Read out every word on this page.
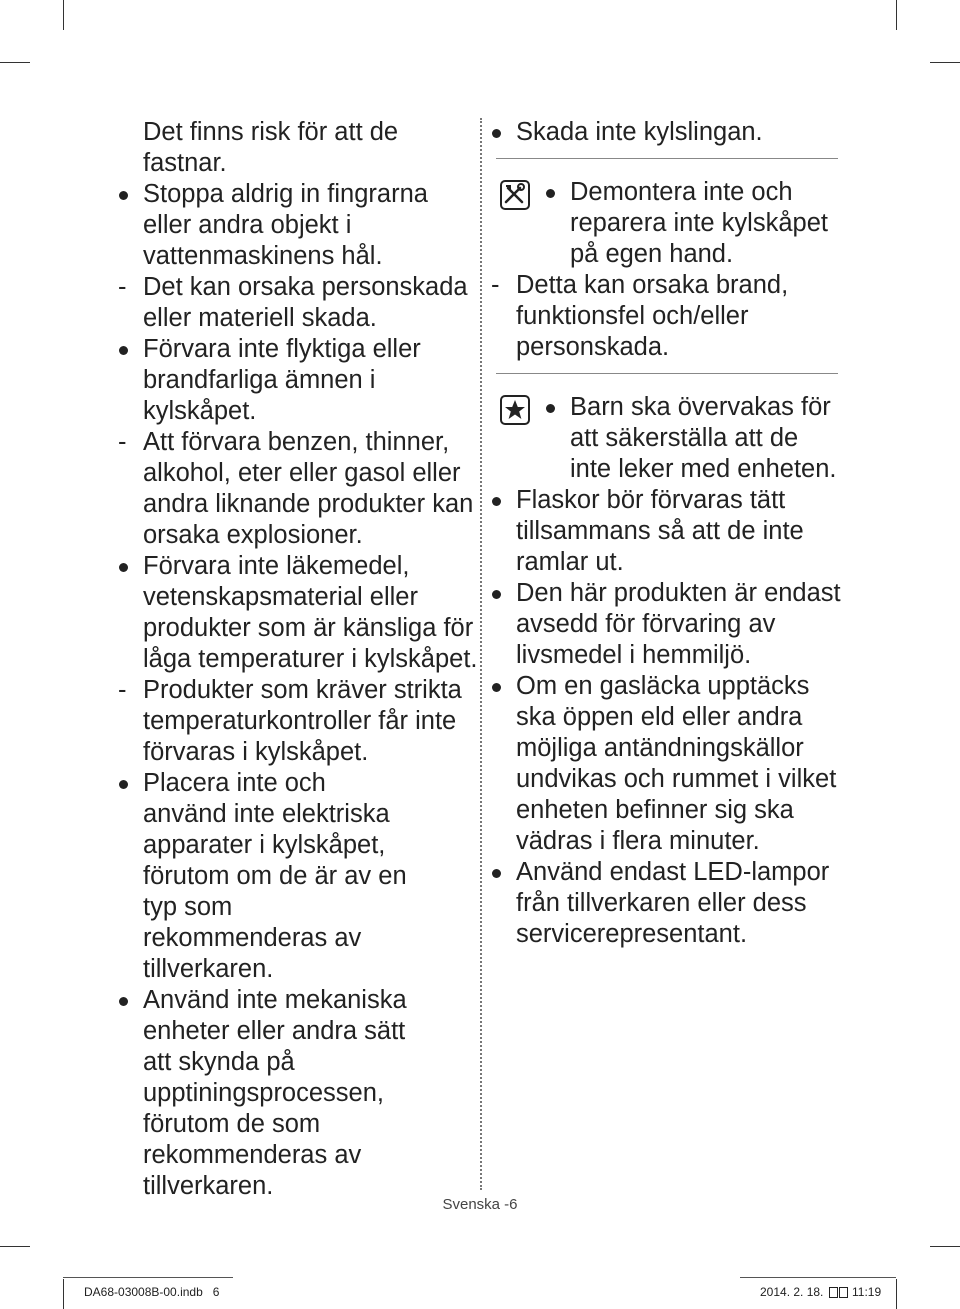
Det finns risk för att de fastnar.
Stoppa aldrig in fingrarna eller andra objekt i vattenmaskinens hål.
- Det kan orsaka personskada eller materiell skada.
Förvara inte flyktiga eller brandfarliga ämnen i kylskåpet.
- Att förvara benzen, thinner, alkohol, eter eller gasol eller andra liknande produkter kan orsaka explosioner.
Förvara inte läkemedel, vetenskapsmaterial eller produkter som är känsliga för låga temperaturer i kylskåpet.
- Produkter som kräver strikta temperaturkontroller får inte förvaras i kylskåpet.
Placera inte och använd inte elektriska apparater i kylskåpet, förutom om de är av en typ som rekommenderas av tillverkaren.
Använd inte mekaniska enheter eller andra sätt att skynda på upptiningsprocessen, förutom de som rekommenderas av tillverkaren.
Skada inte kylslingan.
Demontera inte och reparera inte kylskåpet på egen hand.
- Detta kan orsaka brand, funktionsfel och/eller personskada.
Barn ska övervakas för att säkerställa att de inte leker med enheten.
Flaskor bör förvaras tätt tillsammans så att de inte ramlar ut.
Den här produkten är endast avsedd för förvaring av livsmedel i hemmiljö.
Om en gasläcka upptäcks ska öppen eld eller andra möjliga antändningskällor undvikas och rummet i vilket enheten befinner sig ska vädras i flera minuter.
Använd endast LED-lampor från tillverkaren eller dess servicerepresentant.
Svenska -6
DA68-03008B-00.indb   6	2014. 2. 18. 11:19
